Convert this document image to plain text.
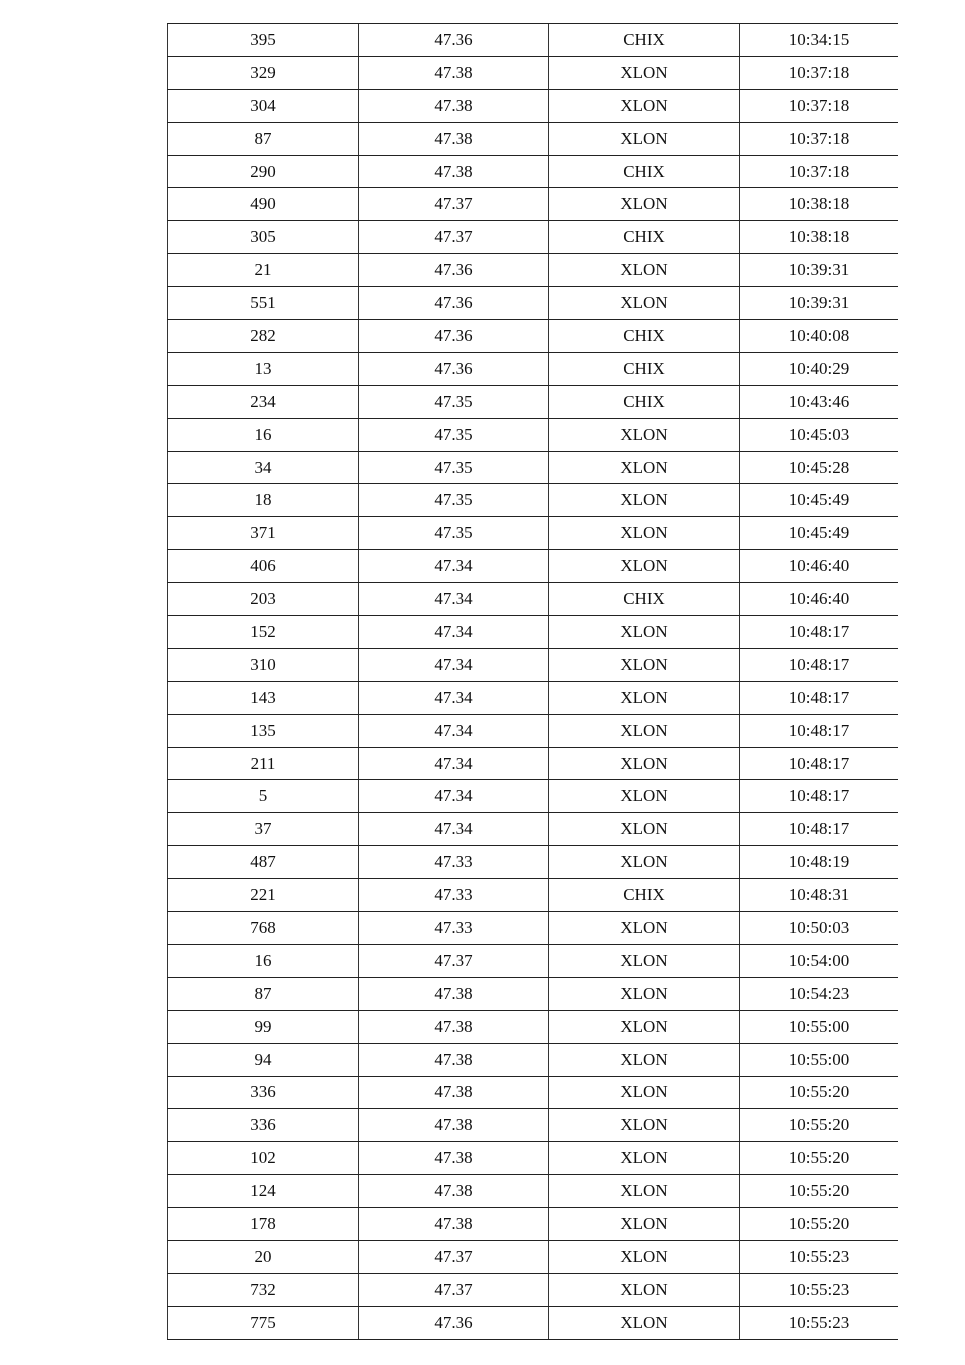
395	47.36	CHIX	10:34:15
329	47.38	XLON	10:37:18
304	47.38	XLON	10:37:18
87	47.38	XLON	10:37:18
290	47.38	CHIX	10:37:18
490	47.37	XLON	10:38:18
305	47.37	CHIX	10:38:18
21	47.36	XLON	10:39:31
551	47.36	XLON	10:39:31
282	47.36	CHIX	10:40:08
13	47.36	CHIX	10:40:29
234	47.35	CHIX	10:43:46
16	47.35	XLON	10:45:03
34	47.35	XLON	10:45:28
18	47.35	XLON	10:45:49
371	47.35	XLON	10:45:49
406	47.34	XLON	10:46:40
203	47.34	CHIX	10:46:40
152	47.34	XLON	10:48:17
310	47.34	XLON	10:48:17
143	47.34	XLON	10:48:17
135	47.34	XLON	10:48:17
211	47.34	XLON	10:48:17
5	47.34	XLON	10:48:17
37	47.34	XLON	10:48:17
487	47.33	XLON	10:48:19
221	47.33	CHIX	10:48:31
768	47.33	XLON	10:50:03
16	47.37	XLON	10:54:00
87	47.38	XLON	10:54:23
99	47.38	XLON	10:55:00
94	47.38	XLON	10:55:00
336	47.38	XLON	10:55:20
336	47.38	XLON	10:55:20
102	47.38	XLON	10:55:20
124	47.38	XLON	10:55:20
178	47.38	XLON	10:55:20
20	47.37	XLON	10:55:23
732	47.37	XLON	10:55:23
775	47.36	XLON	10:55:23
